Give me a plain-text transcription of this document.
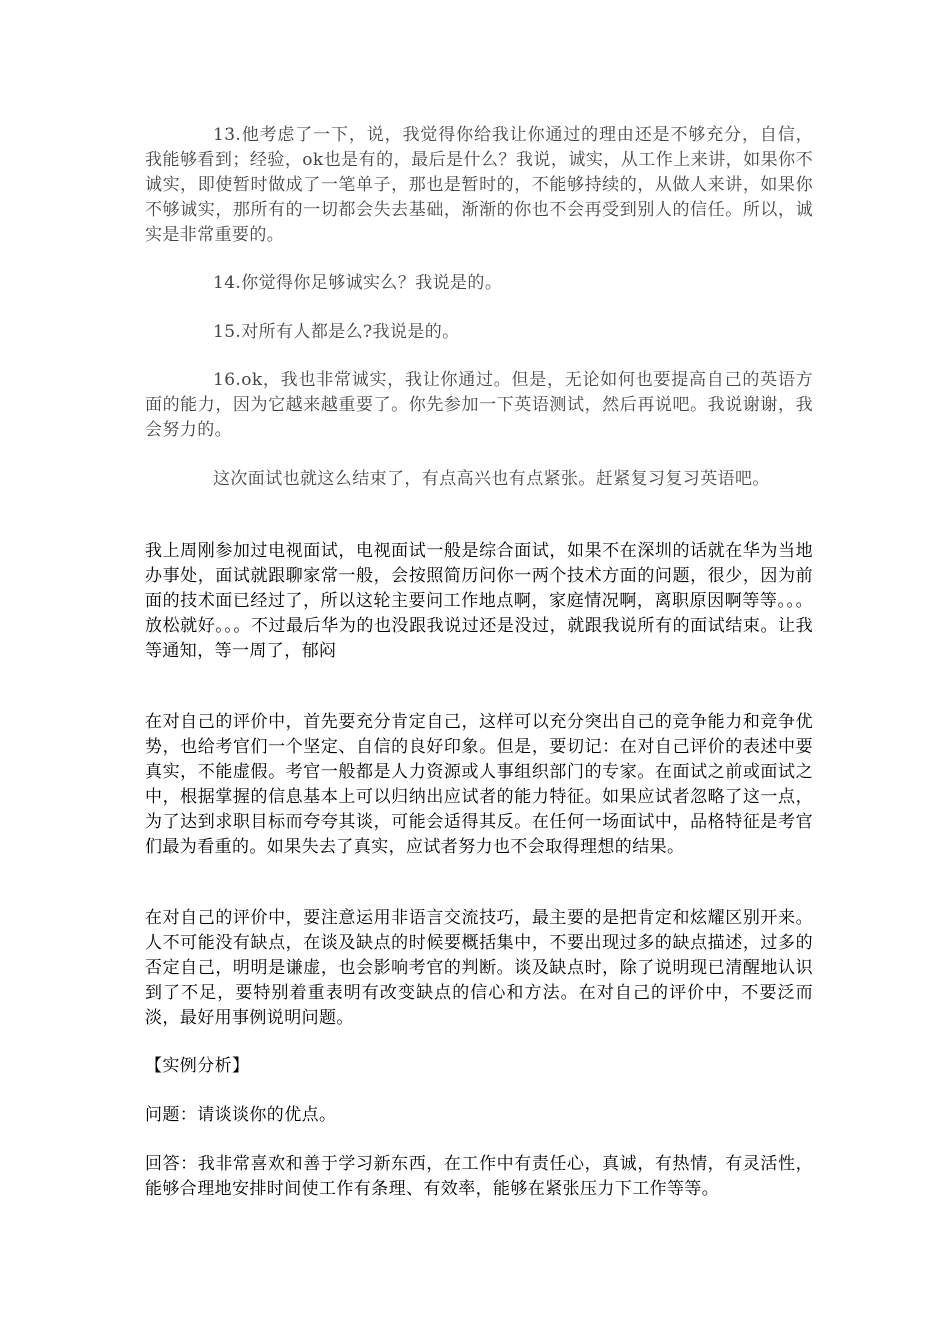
13.他考虑了一下，说，我觉得你给我让你通过的理由还是不够充分，自信，我能够看到；经验，ok也是有的，最后是什么？我说，诚实，从工作上来讲，如果你不诚实，即使暂时做成了一笔单子，那也是暂时的，不能够持续的，从做人来讲，如果你不够诚实，那所有的一切都会失去基础，渐渐的你也不会再受到别人的信任。所以，诚实是非常重要的。

14.你觉得你足够诚实么？我说是的。

15.对所有人都是么?我说是的。

16.ok，我也非常诚实，我让你通过。但是，无论如何也要提高自己的英语方面的能力，因为它越来越重要了。你先参加一下英语测试，然后再说吧。我说谢谢，我会努力的。

这次面试也就这么结束了，有点高兴也有点紧张。赶紧复习复习英语吧。

我上周刚参加过电视面试，电视面试一般是综合面试，如果不在深圳的话就在华为当地办事处，面试就跟聊家常一般，会按照简历问你一两个技术方面的问题，很少，因为前面的技术面已经过了，所以这轮主要问工作地点啊，家庭情况啊，离职原因啊等等。。。放松就好。。。不过最后华为的也没跟我说过还是没过，就跟我说所有的面试结束。让我等通知，等一周了，郁闷

在对自己的评价中，首先要充分肯定自己，这样可以充分突出自己的竞争能力和竞争优势，也给考官们一个坚定、自信的良好印象。但是，要切记：在对自己评价的表述中要真实，不能虚假。考官一般都是人力资源或人事组织部门的专家。在面试之前或面试之中，根据掌握的信息基本上可以归纳出应试者的能力特征。如果应试者忽略了这一点，为了达到求职目标而夸夸其谈，可能会适得其反。在任何一场面试中，品格特征是考官们最为看重的。如果失去了真实，应试者努力也不会取得理想的结果。

在对自己的评价中，要注意运用非语言交流技巧，最主要的是把肯定和炫耀区别开来。人不可能没有缺点，在谈及缺点的时候要概括集中，不要出现过多的缺点描述，过多的否定自己，明明是谦虚，也会影响考官的判断。谈及缺点时，除了说明现已清醒地认识到了不足，要特别着重表明有改变缺点的信心和方法。在对自己的评价中，不要泛而淡，最好用事例说明问题。

【实例分析】

问题：请谈谈你的优点。

回答：我非常喜欢和善于学习新东西，在工作中有责任心，真诚，有热情，有灵活性，能够合理地安排时间使工作有条理、有效率，能够在紧张压力下工作等等。
